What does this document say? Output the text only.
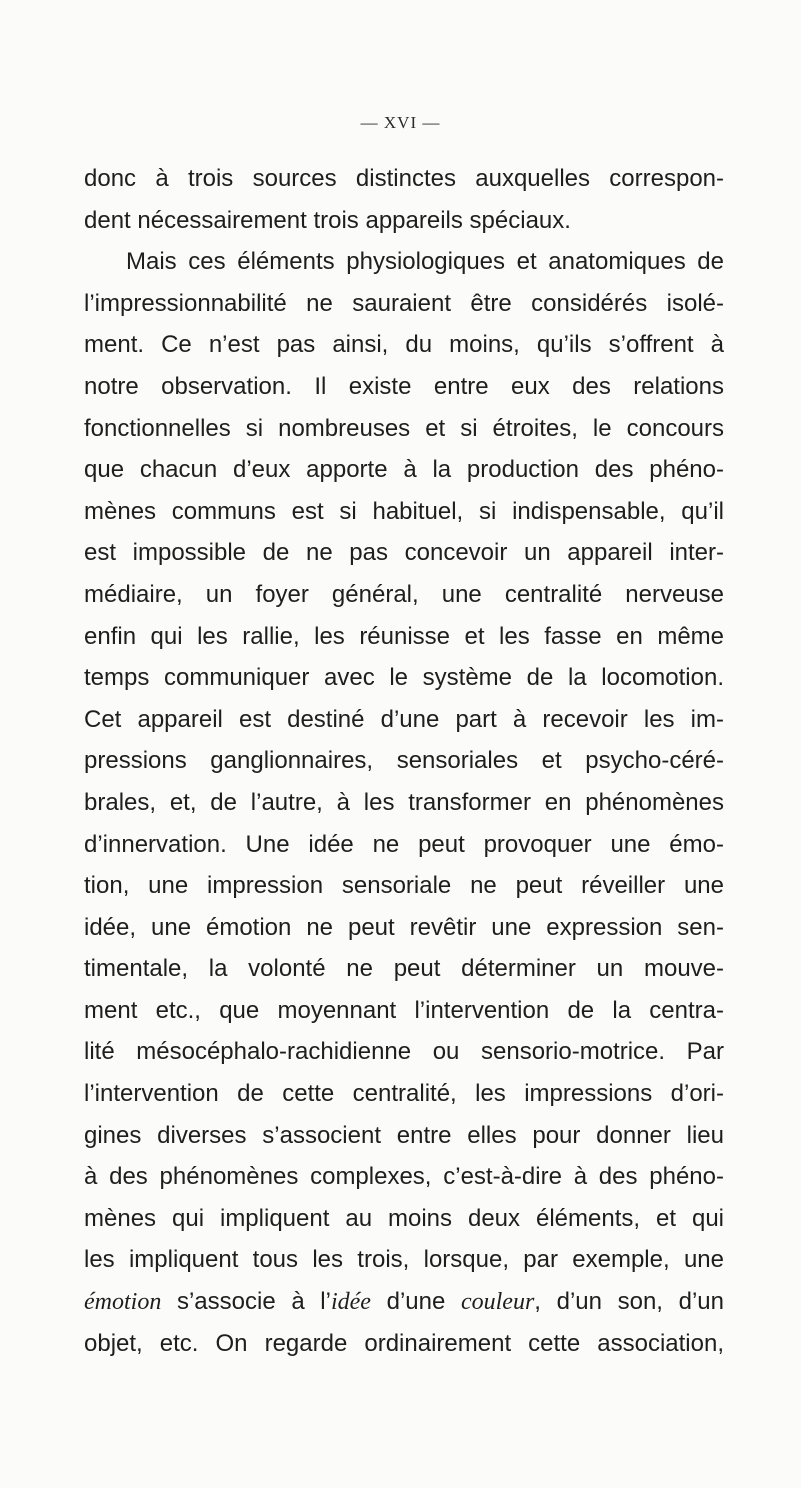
— XVI —
donc à trois sources distinctes auxquelles correspon-
dent nécessairement trois appareils spéciaux.
Mais ces éléments physiologiques et anatomiques de
l’impressionnabilité ne sauraient être considérés isolé-
ment. Ce n’est pas ainsi, du moins, qu’ils s’offrent à
notre observation. Il existe entre eux des relations
fonctionnelles si nombreuses et si étroites, le concours
que chacun d’eux apporte à la production des phéno-
mènes communs est si habituel, si indispensable, qu’il
est impossible de ne pas concevoir un appareil inter-
médiaire, un foyer général, une centralité nerveuse
enfin qui les rallie, les réunisse et les fasse en même
temps communiquer avec le système de la locomotion.
Cet appareil est destiné d’une part à recevoir les im-
pressions ganglionnaires, sensoriales et psycho-céré-
brales, et, de l’autre, à les transformer en phénomènes
d’innervation. Une idée ne peut provoquer une émo-
tion, une impression sensoriale ne peut réveiller une
idée, une émotion ne peut revêtir une expression sen-
timentale, la volonté ne peut déterminer un mouve-
ment etc., que moyennant l’intervention de la centra-
lité mésocéphalo-rachidienne ou sensorio-motrice. Par
l’intervention de cette centralité, les impressions d’ori-
gines diverses s’associent entre elles pour donner lieu
à des phénomènes complexes, c’est-à-dire à des phéno-
mènes qui impliquent au moins deux éléments, et qui
les impliquent tous les trois, lorsque, par exemple, une
émotion s’associe à l’idée d’une couleur, d’un son, d’un
objet, etc. On regarde ordinairement cette association,
